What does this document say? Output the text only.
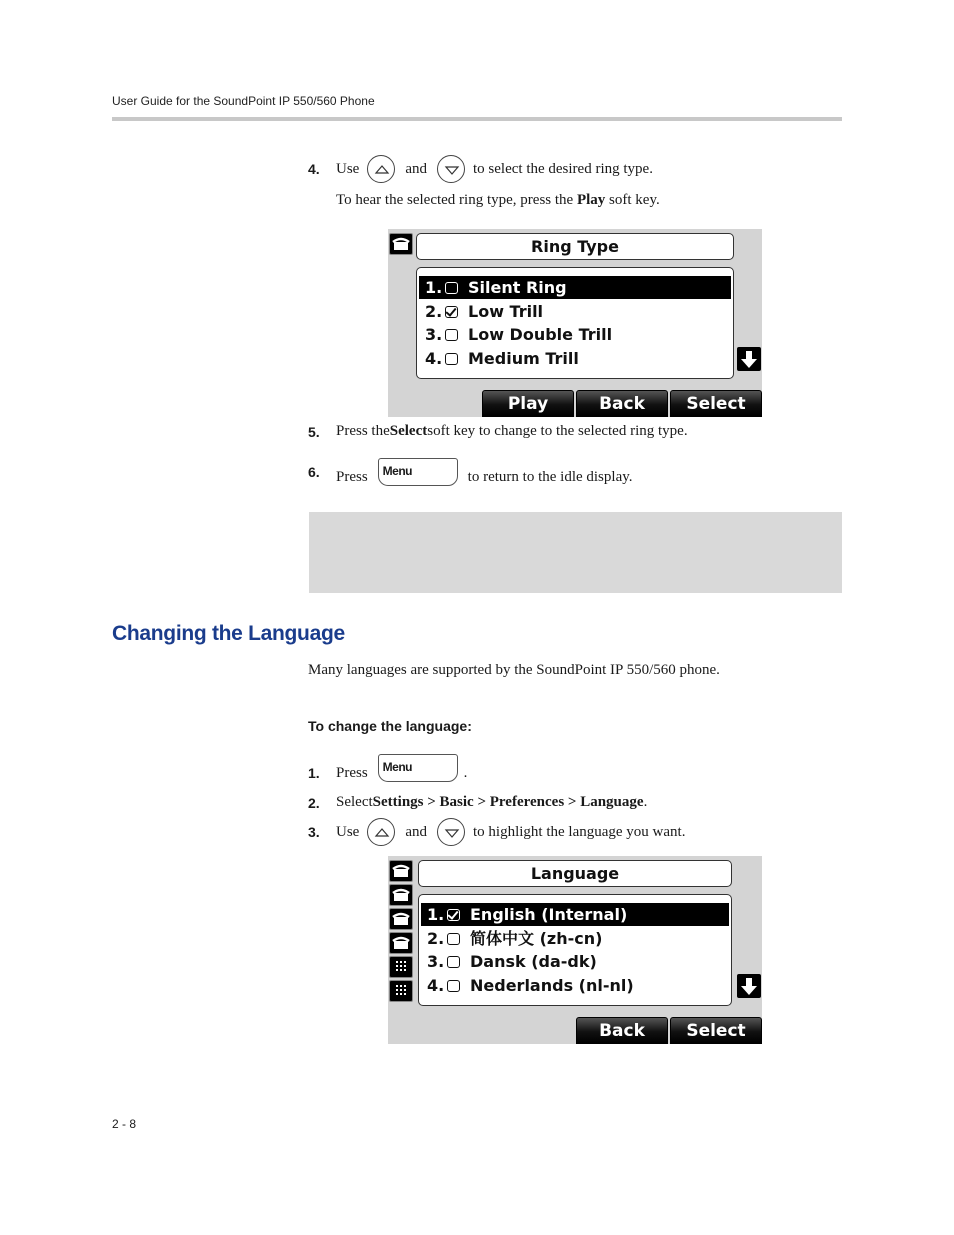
User Guide for the SoundPoint IP 550/560 Phone
4.	Use	and	to select the desired ring type.
To hear the selected ring type, press the Play soft key.
Ring Type
1. Silent Ring
2. Low Trill
3. Low Double Trill
4. Medium Trill
Play	Back	Select
5.	Press the Select soft key to change to the selected ring type.
6.	Press Menu	to return to the idle display.
Changing the Language
Many languages are supported by the SoundPoint IP 550/560 phone.
To change the language:
1.	Press Menu	.
2.	Select Settings > Basic > Preferences > Language .
3.	Use	and	to highlight the language you want.
Language
1. English (Internal)
2. 简体中文 (zh-cn)
3. Dansk (da-dk)
4. Nederlands (nl-nl)
Back	Select
2 - 8
